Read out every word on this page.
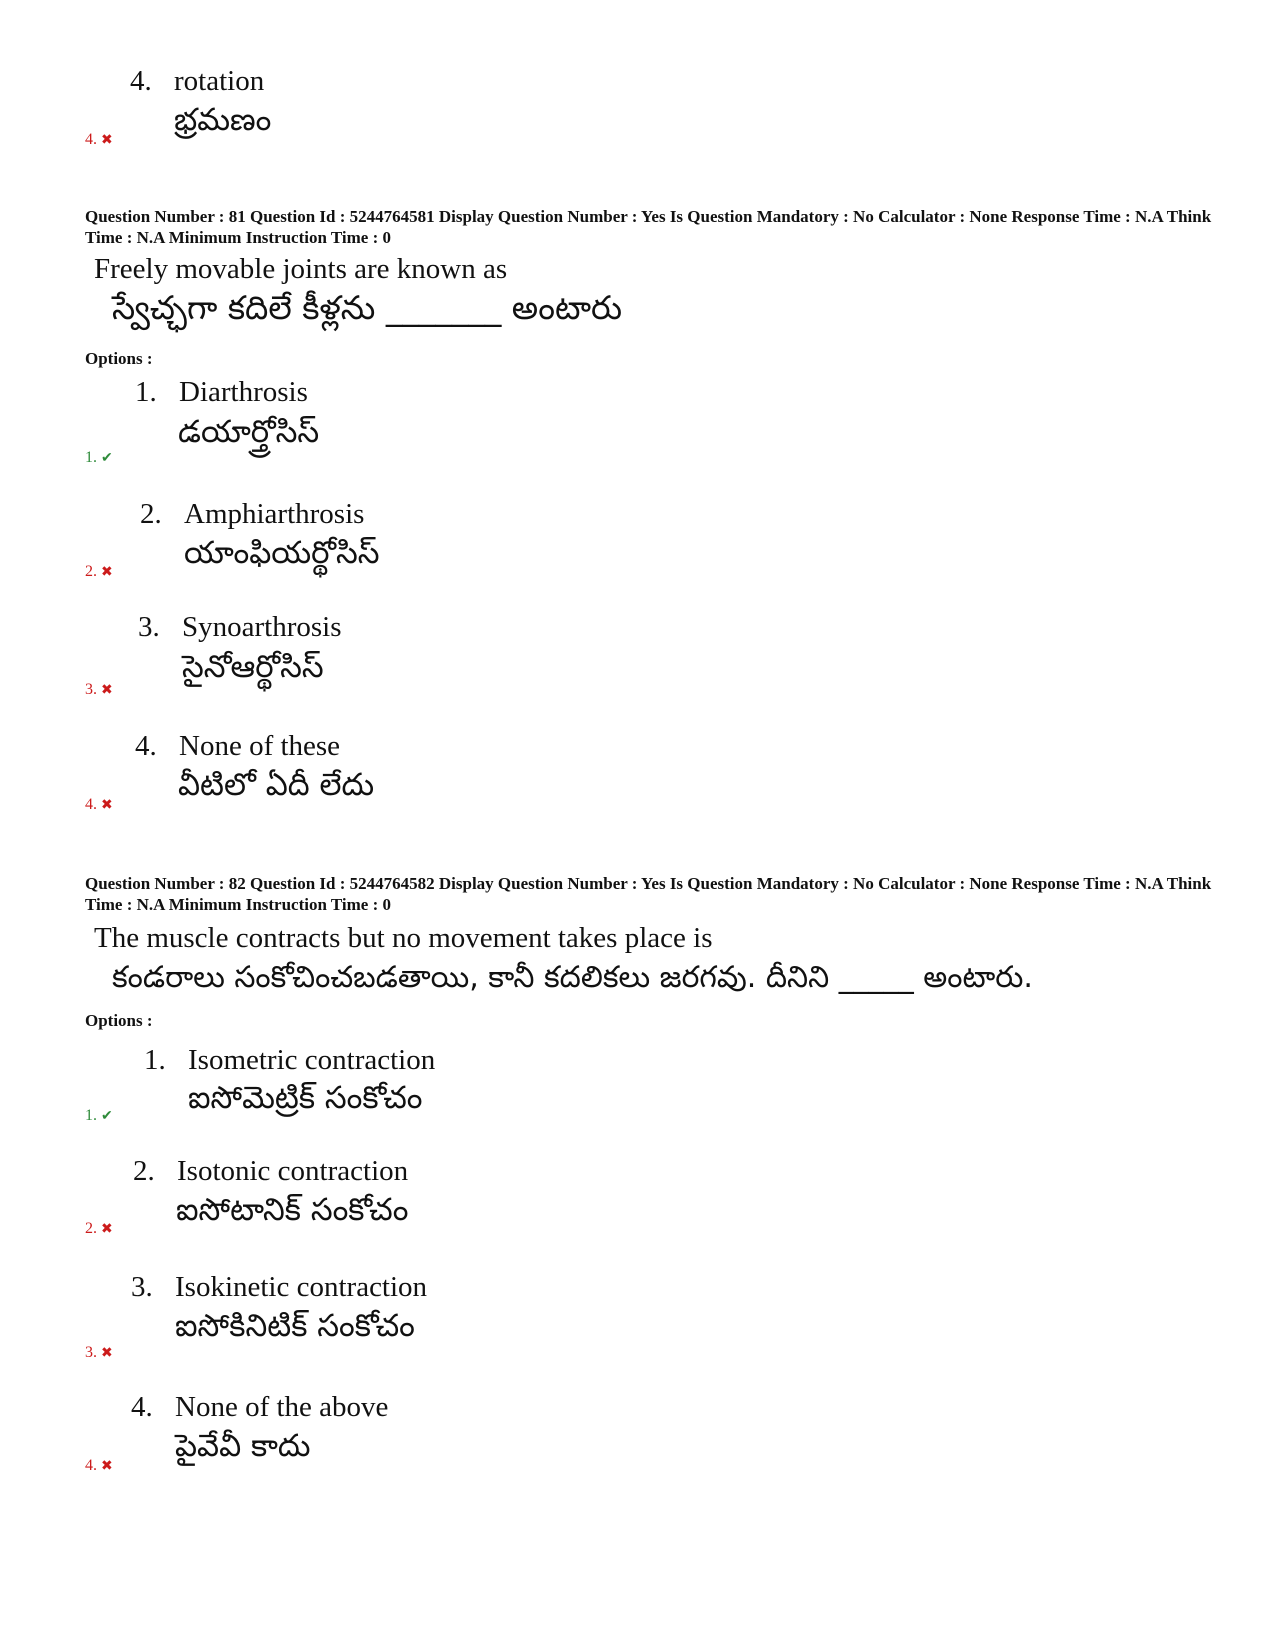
4. rotation
భ్రమణం
4. ✖
Question Number : 81 Question Id : 5244764581 Display Question Number : Yes Is Question Mandatory : No Calculator : None Response Time : N.A Think Time : N.A Minimum Instruction Time : 0
Freely movable joints are known as
స్వేచ్ఛగా కదిలే కీళ్లను _______ అంటారు
Options :
1. Diarthrosis
డయార్త్రోసిస్
1. ✔
2. Amphiarthrosis
యాంఫియర్థోసిస్
2. ✖
3. Synoarthrosis
సైనోఆర్థోసిస్
3. ✖
4. None of these
వీటిలో ఏదీ లేదు
4. ✖
Question Number : 82 Question Id : 5244764582 Display Question Number : Yes Is Question Mandatory : No Calculator : None Response Time : N.A Think Time : N.A Minimum Instruction Time : 0
The muscle contracts but no movement takes place is
కండరాలు సంకోచించబడతాయి, కానీ కదలికలు జరగవు. దీనిని _____ అంటారు.
Options :
1. Isometric contraction
ఐసోమెట్రిక్ సంకోచం
1. ✔
2. Isotonic contraction
ఐసోటానిక్ సంకోచం
2. ✖
3. Isokinetic contraction
ఐసోకినిటిక్ సంకోచం
3. ✖
4. None of the above
పైవేవీ కాదు
4. ✖
